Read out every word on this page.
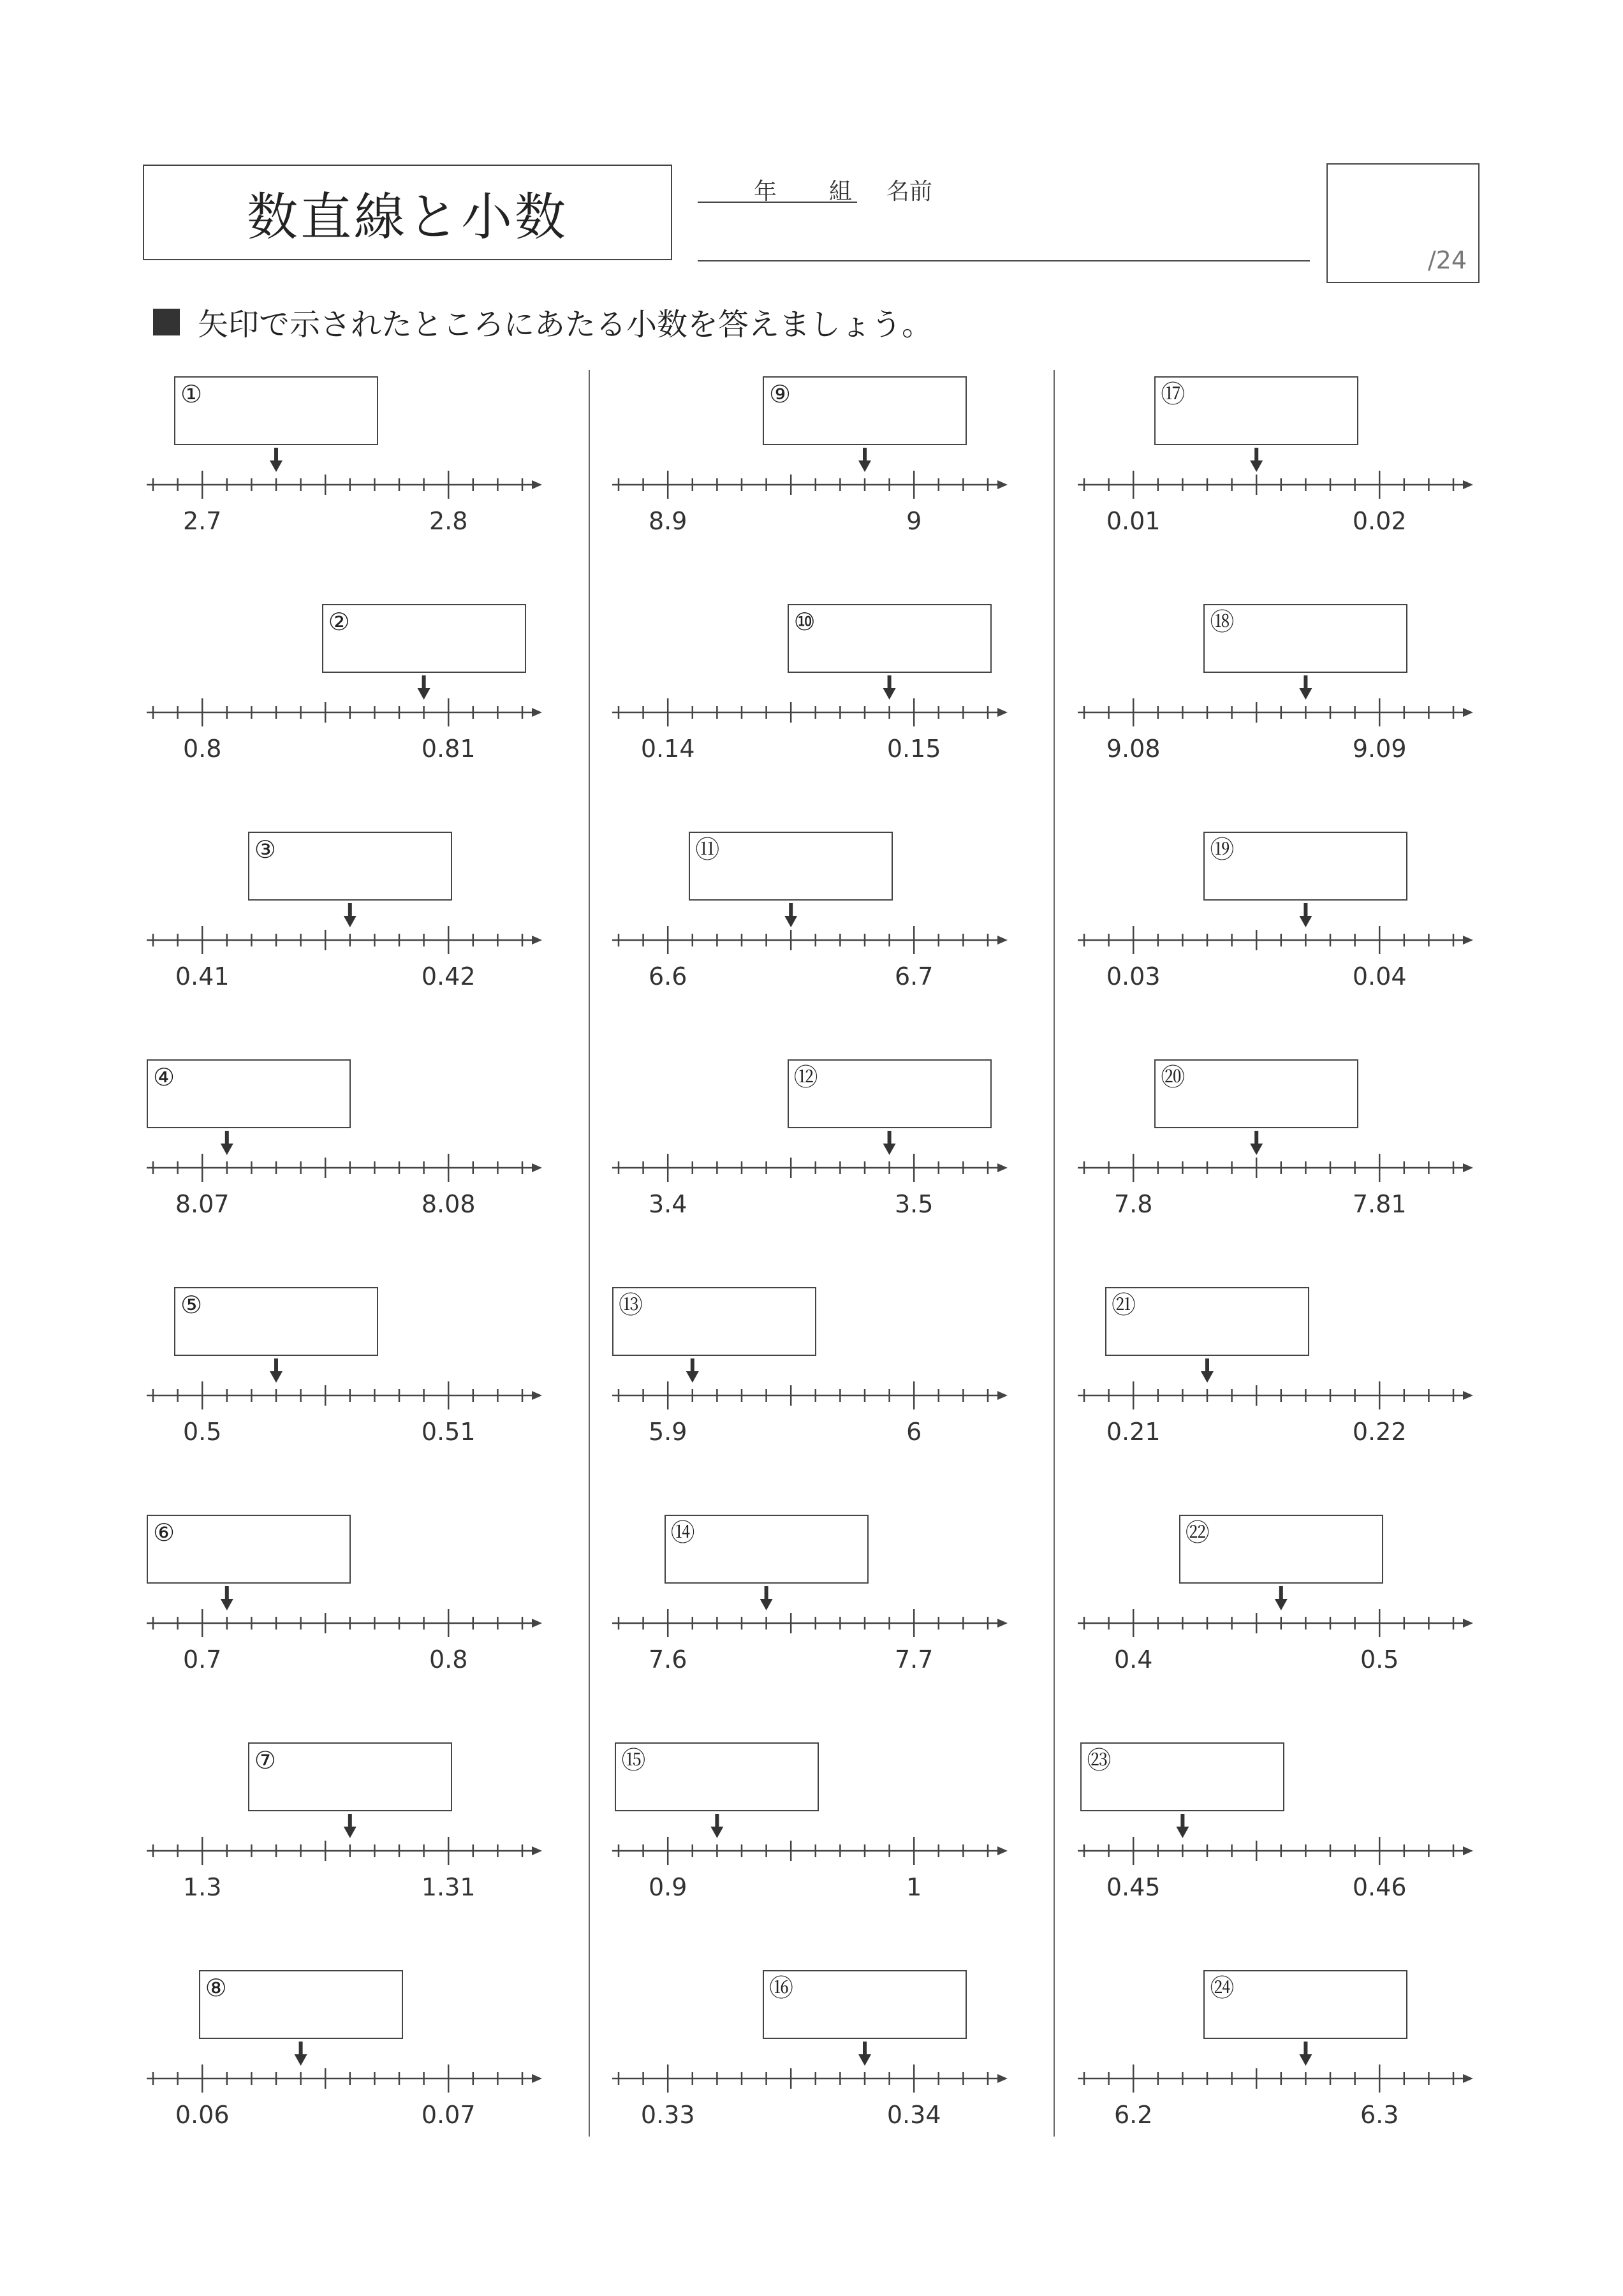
数直線と小数	年 組 名前
/24
矢印で示されたところにあたる小数を答えましょう。
①
2.7	2.8
②
0.8	0.81
③
0.41	0.42
④
8.07	8.08
⑤
0.5	0.51
⑥
0.7	0.8
⑦
1.3	1.31
⑧
0.06	0.07
⑨
8.9	9
⑩
0.14	0.15
⑪
6.6	6.7
⑫
3.4	3.5
⑬
5.9	6
⑭
7.6	7.7
⑮
0.9	1
⑯
0.33	0.34
⑰
0.01	0.02
⑱
9.08	9.09
⑲
0.03	0.04
⑳
7.8	7.81
㉑
0.21	0.22
㉒
0.4	0.5
㉓
0.45	0.46
㉔
6.2	6.3
